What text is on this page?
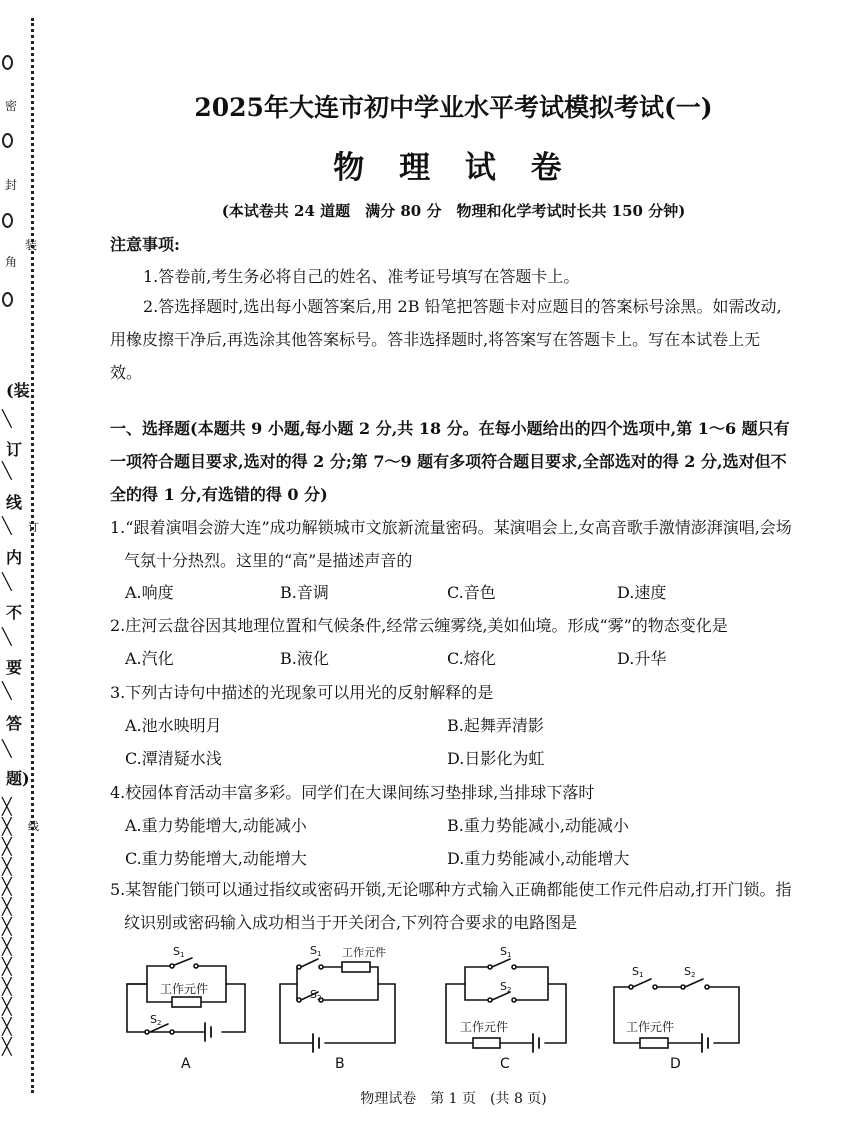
密
封
装
角
(装
╲
订
╲
线
订
╲
内
╲
不
╲
要
╲
答
╲
题)
╳
线
╳
╳
╳
╳
╳
╳
╳
╳
╳
╳
╳
╳
2025年大连市初中学业水平考试模拟考试(一)
物 理 试 卷
(本试卷共 24 道题　满分 80 分　物理和化学考试时长共 150 分钟)
注意事项:
1.答卷前,考生务必将自己的姓名、准考证号填写在答题卡上。
2.答选择题时,选出每小题答案后,用 2B 铅笔把答题卡对应题目的答案标号涂黑。如需改动,用橡皮擦干净后,再选涂其他答案标号。答非选择题时,将答案写在答题卡上。写在本试卷上无效。
一、选择题(本题共 9 小题,每小题 2 分,共 18 分。在每小题给出的四个选项中,第 1～6 题只有一项符合题目要求,选对的得 2 分;第 7～9 题有多项符合题目要求,全部选对的得 2 分,选对但不全的得 1 分,有选错的得 0 分)
1.“跟着演唱会游大连”成功解锁城市文旅新流量密码。某演唱会上,女高音歌手激情澎湃演唱,会场气氛十分热烈。这里的“高”是描述声音的
A.响度	B.音调	C.音色	D.速度
2.庄河云盘谷因其地理位置和气候条件,经常云缠雾绕,美如仙境。形成“雾”的物态变化是
A.汽化	B.液化	C.熔化	D.升华
3.下列古诗句中描述的光现象可以用光的反射解释的是
A.池水映明月	B.起舞弄清影
C.潭清疑水浅	D.日影化为虹
4.校园体育活动丰富多彩。同学们在大课间练习垫排球,当排球下落时
A.重力势能增大,动能减小	B.重力势能减小,动能减小
C.重力势能增大,动能增大	D.重力势能减小,动能增大
5.某智能门锁可以通过指纹或密码开锁,无论哪种方式输入正确都能使工作元件启动,打开门锁。指纹识别或密码输入成功相当于开关闭合,下列符合要求的电路图是
S1
工作元件
S2
A
S1 工作元件
S2
B
S1
S2
工作元件
C
S1	S2
工作元件
D
物理试卷　第 1 页　(共 8 页)
